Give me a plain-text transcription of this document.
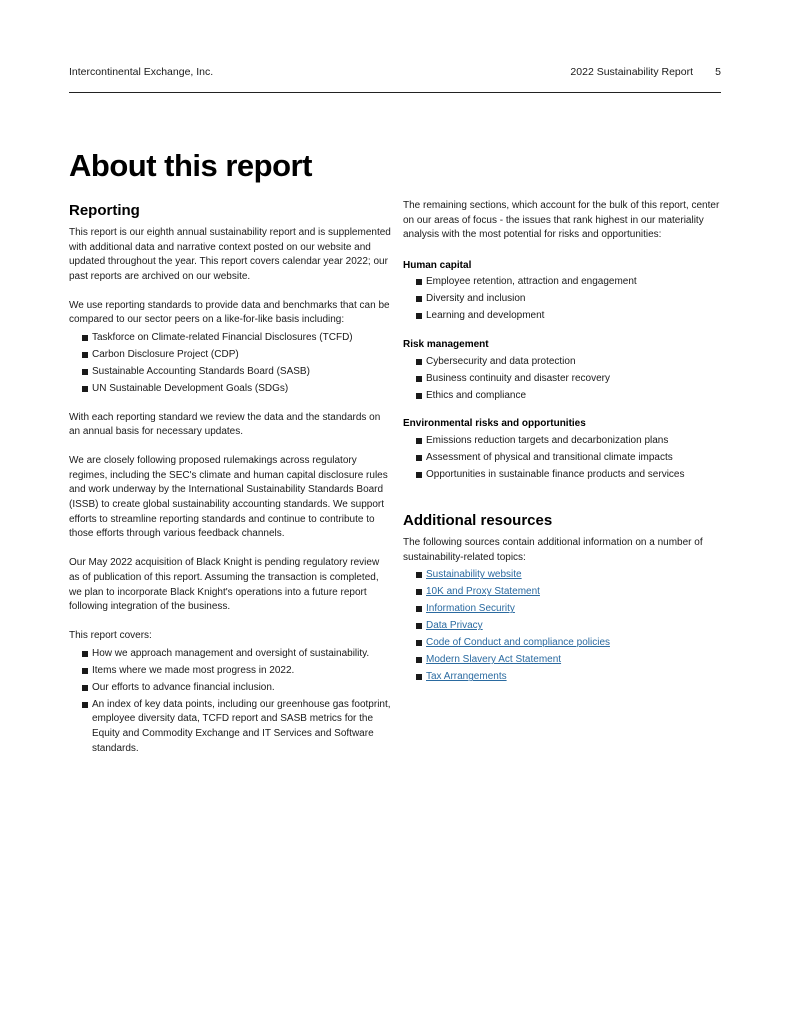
Intercontinental Exchange, Inc.	2022 Sustainability Report 5
About this report
Reporting

This report is our eighth annual sustainability report and is supplemented with additional data and narrative context posted on our website and updated throughout the year. This report covers calendar year 2022; our past reports are archived on our website.

We use reporting standards to provide data and benchmarks that can be compared to our sector peers on a like-for-like basis including:

Taskforce on Climate-related Financial Disclosures (TCFD)
Carbon Disclosure Project (CDP)
Sustainable Accounting Standards Board (SASB)
UN Sustainable Development Goals (SDGs)

With each reporting standard we review the data and the standards on an annual basis for necessary updates.

We are closely following proposed rulemakings across regulatory regimes, including the SEC's climate and human capital disclosure rules and work underway by the International Sustainability Standards Board (ISSB) to create global sustainability accounting standards. We support efforts to streamline reporting standards and continue to contribute to those efforts through various feedback channels.

Our May 2022 acquisition of Black Knight is pending regulatory review as of publication of this report. Assuming the transaction is completed, we plan to incorporate Black Knight's operations into a future report following integration of the business.

This report covers:

How we approach management and oversight of sustainability.
Items where we made most progress in 2022.
Our efforts to advance financial inclusion.
An index of key data points, including our greenhouse gas footprint, employee diversity data, TCFD report and SASB metrics for the Equity and Commodity Exchange and IT Services and Software standards.

The remaining sections, which account for the bulk of this report, center on our areas of focus - the issues that rank highest in our materiality analysis with the most potential for risks and opportunities:

Human capital
Employee retention, attraction and engagement
Diversity and inclusion
Learning and development
Risk management
Cybersecurity and data protection
Business continuity and disaster recovery
Ethics and compliance
Environmental risks and opportunities
Emissions reduction targets and decarbonization plans
Assessment of physical and transitional climate impacts
Opportunities in sustainable finance products and services
Additional resources

The following sources contain additional information on a number of sustainability-related topics:

Sustainability website
10K and Proxy Statement
Information Security
Data Privacy
Code of Conduct and compliance policies
Modern Slavery Act Statement
Tax Arrangements
